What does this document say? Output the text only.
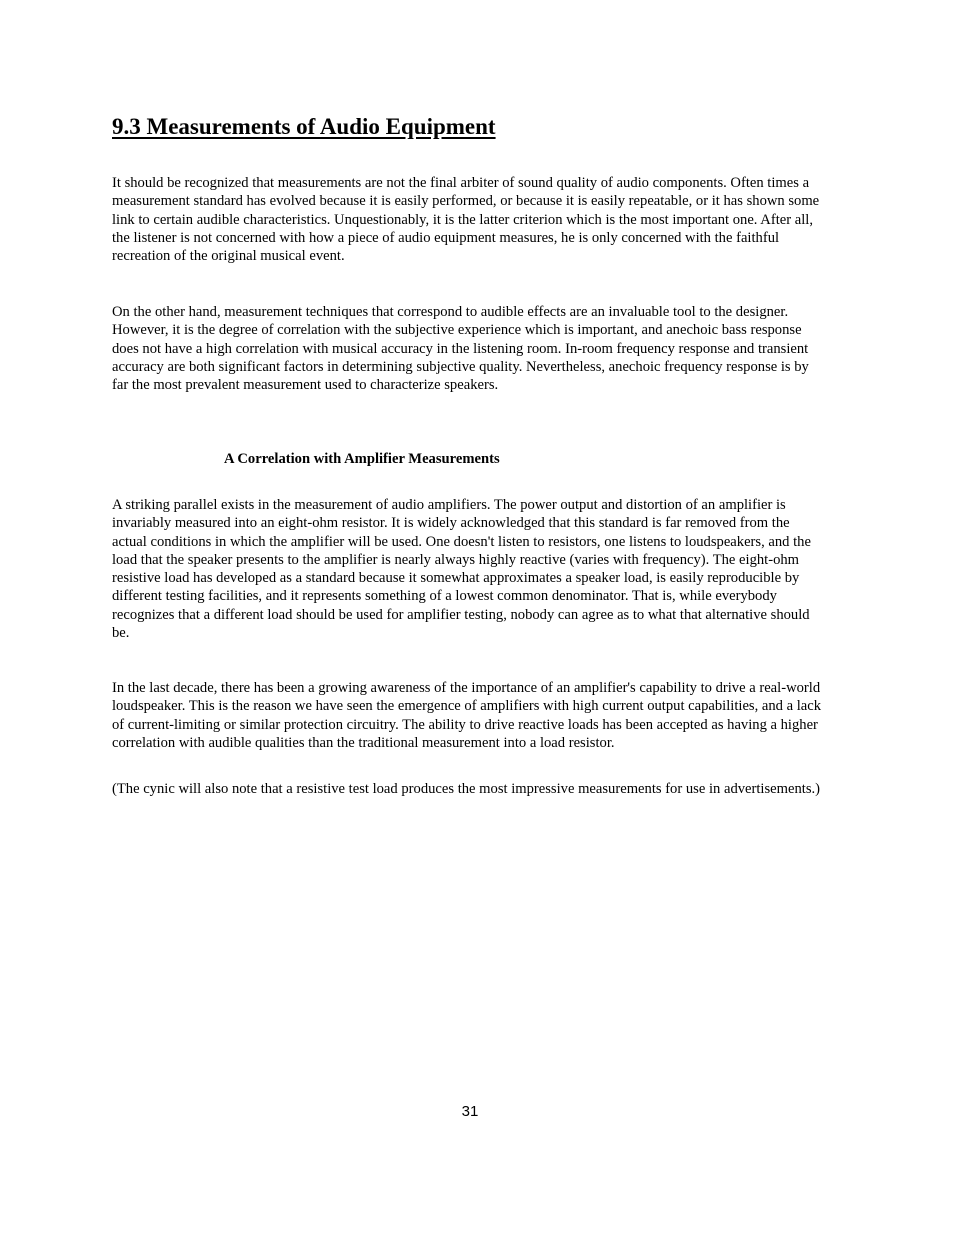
9.3 Measurements of Audio Equipment

It should be recognized that measurements are not the final arbiter of sound quality of audio components. Often times a measurement standard has evolved because it is easily performed, or because it is easily repeatable, or it has shown some link to certain audible characteristics. Unquestionably, it is the latter criterion which is the most important one. After all, the listener is not concerned with how a piece of audio equipment measures, he is only concerned with the faithful recreation of the original musical event.

On the other hand, measurement techniques that correspond to audible effects are an invaluable tool to the designer. However, it is the degree of correlation with the subjective experience which is important, and anechoic bass response does not have a high correlation with musical accuracy in the listening room. In-room frequency response and transient accuracy are both significant factors in determining subjective quality. Nevertheless, anechoic frequency response is by far the most prevalent measurement used to characterize speakers.

A Correlation with Amplifier Measurements

A striking parallel exists in the measurement of audio amplifiers. The power output and distortion of an amplifier is invariably measured into an eight-ohm resistor. It is widely acknowledged that this standard is far removed from the actual conditions in which the amplifier will be used. One doesn't listen to resistors, one listens to loudspeakers, and the load that the speaker presents to the amplifier is nearly always highly reactive (varies with frequency). The eight-ohm resistive load has developed as a standard because it somewhat approximates a speaker load, is easily reproducible by different testing facilities, and it represents something of a lowest common denominator. That is, while everybody recognizes that a different load should be used for amplifier testing, nobody can agree as to what that alternative should be.

In the last decade, there has been a growing awareness of the importance of an amplifier's capability to drive a real-world loudspeaker. This is the reason we have seen the emergence of amplifiers with high current output capabilities, and a lack of current-limiting or similar protection circuitry. The ability to drive reactive loads has been accepted as having a higher correlation with audible qualities than the traditional measurement into a load resistor.

(The cynic will also note that a resistive test load produces the most impressive measurements for use in advertisements.)

31
